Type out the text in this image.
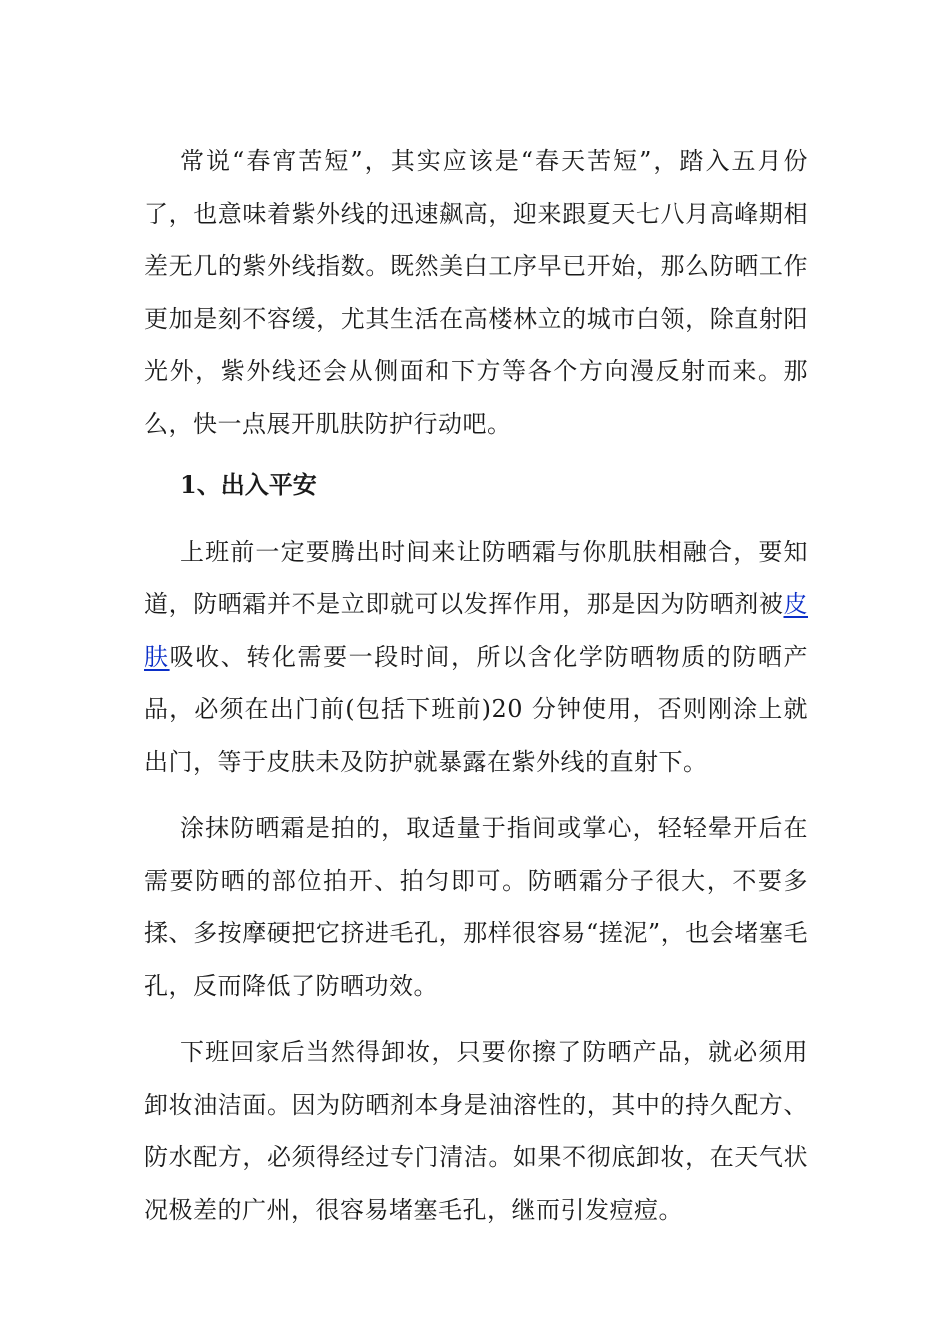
常说“春宵苦短”，其实应该是“春天苦短”，踏入五月份了，也意味着紫外线的迅速飙高，迎来跟夏天七八月高峰期相差无几的紫外线指数。既然美白工序早已开始，那么防晒工作更加是刻不容缓，尤其生活在高楼林立的城市白领，除直射阳光外，紫外线还会从侧面和下方等各个方向漫反射而来。那么，快一点展开肌肤防护行动吧。

1、出入平安

上班前一定要腾出时间来让防晒霜与你肌肤相融合，要知道，防晒霜并不是立即就可以发挥作用，那是因为防晒剂被皮肤吸收、转化需要一段时间，所以含化学防晒物质的防晒产品，必须在出门前(包括下班前)20 分钟使用，否则刚涂上就出门，等于皮肤未及防护就暴露在紫外线的直射下。

涂抹防晒霜是拍的，取适量于指间或掌心，轻轻晕开后在需要防晒的部位拍开、拍匀即可。防晒霜分子很大，不要多揉、多按摩硬把它挤进毛孔，那样很容易“搓泥”，也会堵塞毛孔，反而降低了防晒功效。

下班回家后当然得卸妆，只要你擦了防晒产品，就必须用卸妆油洁面。因为防晒剂本身是油溶性的，其中的持久配方、防水配方，必须得经过专门清洁。如果不彻底卸妆，在天气状况极差的广州，很容易堵塞毛孔，继而引发痘痘。
